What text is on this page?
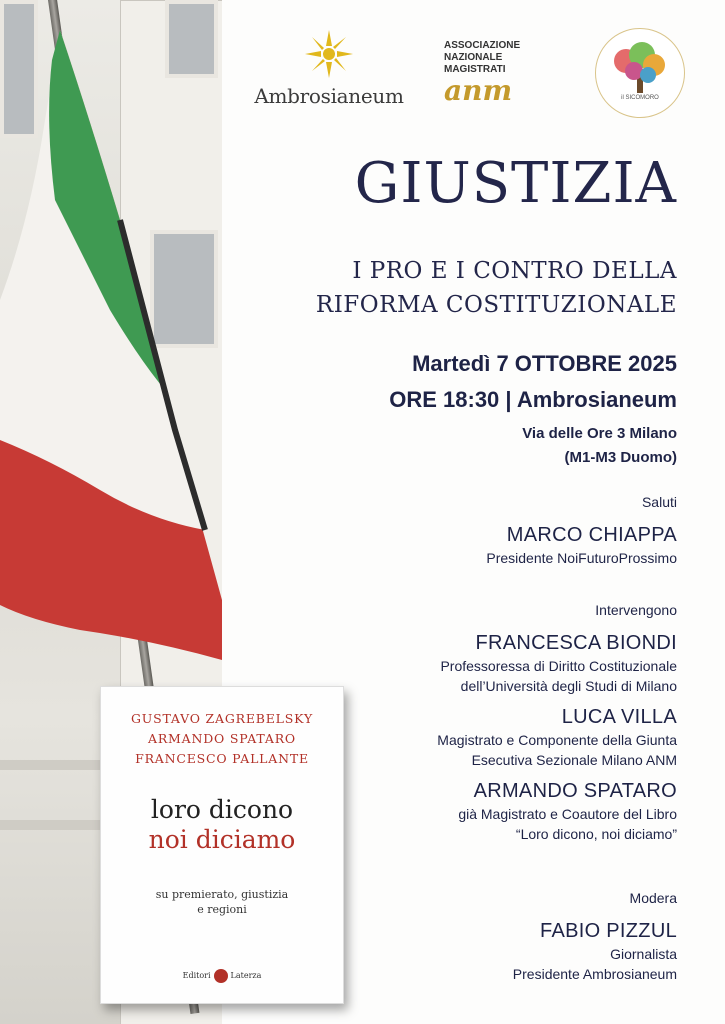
Ambrosianeum
ASSOCIAZIONE
NAZIONALE
MAGISTRATI
anm	il SICOMORO
GIUSTIZIA
I PRO E I CONTRO DELLA
RIFORMA COSTITUZIONALE
Martedì 7 OTTOBRE 2025
ORE 18:30 | Ambrosianeum
Via delle Ore 3 Milano
(M1-M3 Duomo)
Saluti
MARCO CHIAPPA
Presidente NoiFuturoProssimo
Intervengono
FRANCESCA BIONDI
Professoressa di Diritto Costituzionale
dell’Università degli Studi di Milano
LUCA VILLA
Magistrato e Componente della Giunta
Esecutiva Sezionale Milano ANM
ARMANDO SPATARO
già Magistrato e Coautore del Libro
“Loro dicono, noi diciamo”
Modera
FABIO PIZZUL
Giornalista
Presidente Ambrosianeum
GUSTAVO ZAGREBELSKY
ARMANDO SPATARO
FRANCESCO PALLANTE
loro dicono
noi diciamo
su premierato, giustizia
e regioni
Editori	Laterza
